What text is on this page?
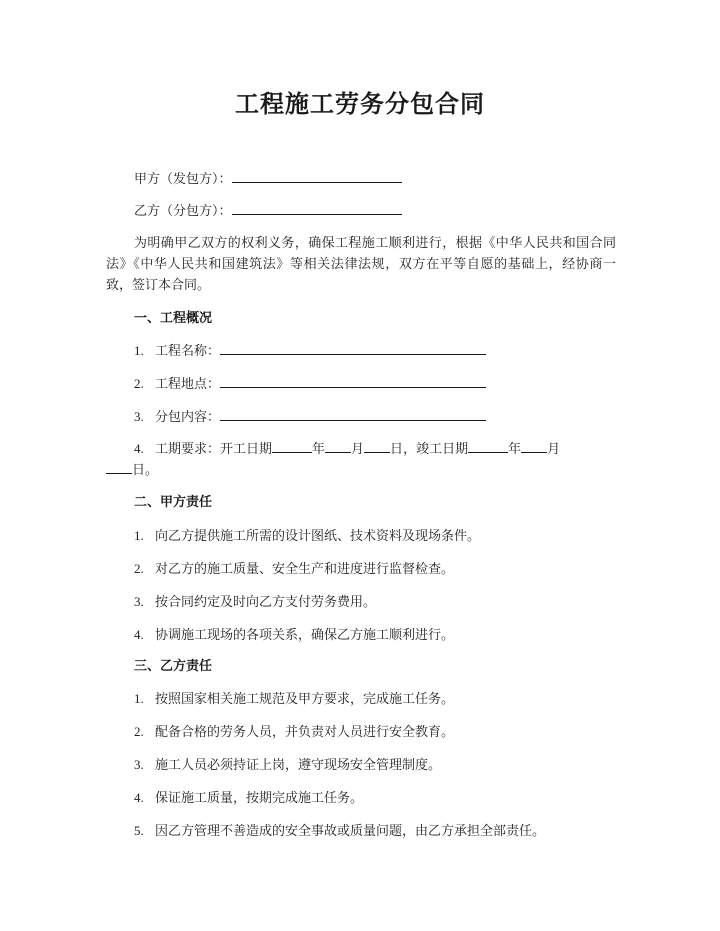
工程施工劳务分包合同
甲方（发包方）：
乙方（分包方）：
为明确甲乙双方的权利义务，确保工程施工顺利进行，根据《中华人民共和国合同法》《中华人民共和国建筑法》等相关法律法规，双方在平等自愿的基础上，经协商一致，签订本合同。
一、工程概况
1. 工程名称：
2. 工程地点：
3. 分包内容：
4. 工期要求：开工日期	年 月 日，竣工日期	年 月
日。
二、甲方责任
1. 向乙方提供施工所需的设计图纸、技术资料及现场条件。
2. 对乙方的施工质量、安全生产和进度进行监督检查。
3. 按合同约定及时向乙方支付劳务费用。
4. 协调施工现场的各项关系，确保乙方施工顺利进行。
三、乙方责任
1. 按照国家相关施工规范及甲方要求，完成施工任务。
2. 配备合格的劳务人员，并负责对人员进行安全教育。
3. 施工人员必须持证上岗，遵守现场安全管理制度。
4. 保证施工质量，按期完成施工任务。
5. 因乙方管理不善造成的安全事故或质量问题，由乙方承担全部责任。
